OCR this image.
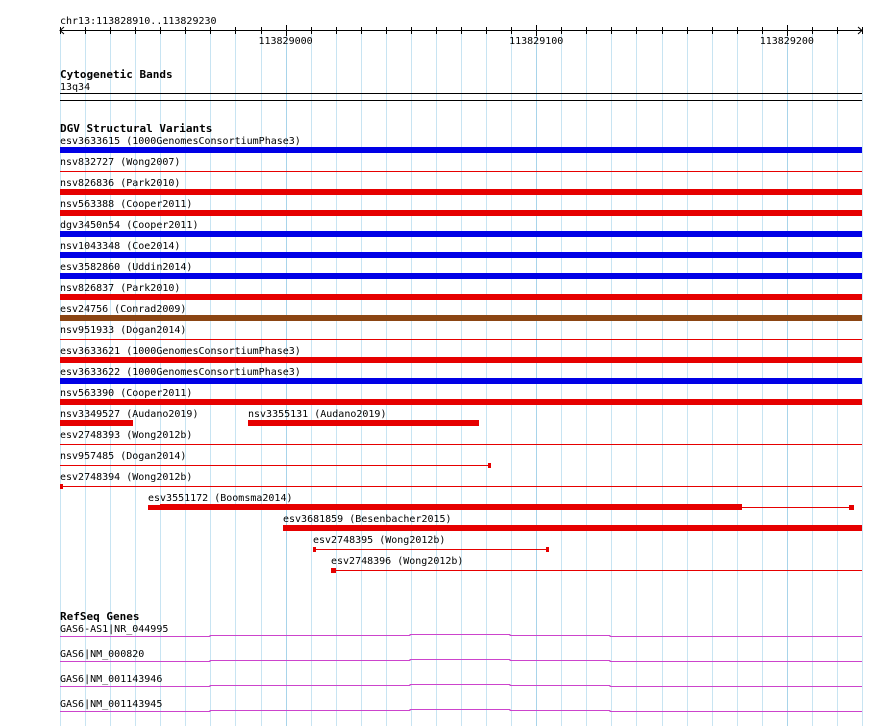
chr13:113828910..113829230
113829000	113829100	113829200
Cytogenetic Bands
13q34
DGV Structural Variants
esv3633615 (1000GenomesConsortiumPhase3)
nsv832727 (Wong2007)
nsv826836 (Park2010)
nsv563388 (Cooper2011)
dgv3450n54 (Cooper2011)
nsv1043348 (Coe2014)
esv3582860 (Uddin2014)
nsv826837 (Park2010)
esv24756 (Conrad2009)
nsv951933 (Dogan2014)
esv3633621 (1000GenomesConsortiumPhase3)
esv3633622 (1000GenomesConsortiumPhase3)
nsv563390 (Cooper2011)
nsv3349527 (Audano2019)	nsv3355131 (Audano2019)
esv2748393 (Wong2012b)
nsv957485 (Dogan2014)
esv2748394 (Wong2012b)
esv3551172 (Boomsma2014)
esv3681859 (Besenbacher2015)
esv2748395 (Wong2012b)
esv2748396 (Wong2012b)
RefSeq Genes
GAS6-AS1|NR_044995
GAS6|NM_000820
GAS6|NM_001143946
GAS6|NM_001143945
